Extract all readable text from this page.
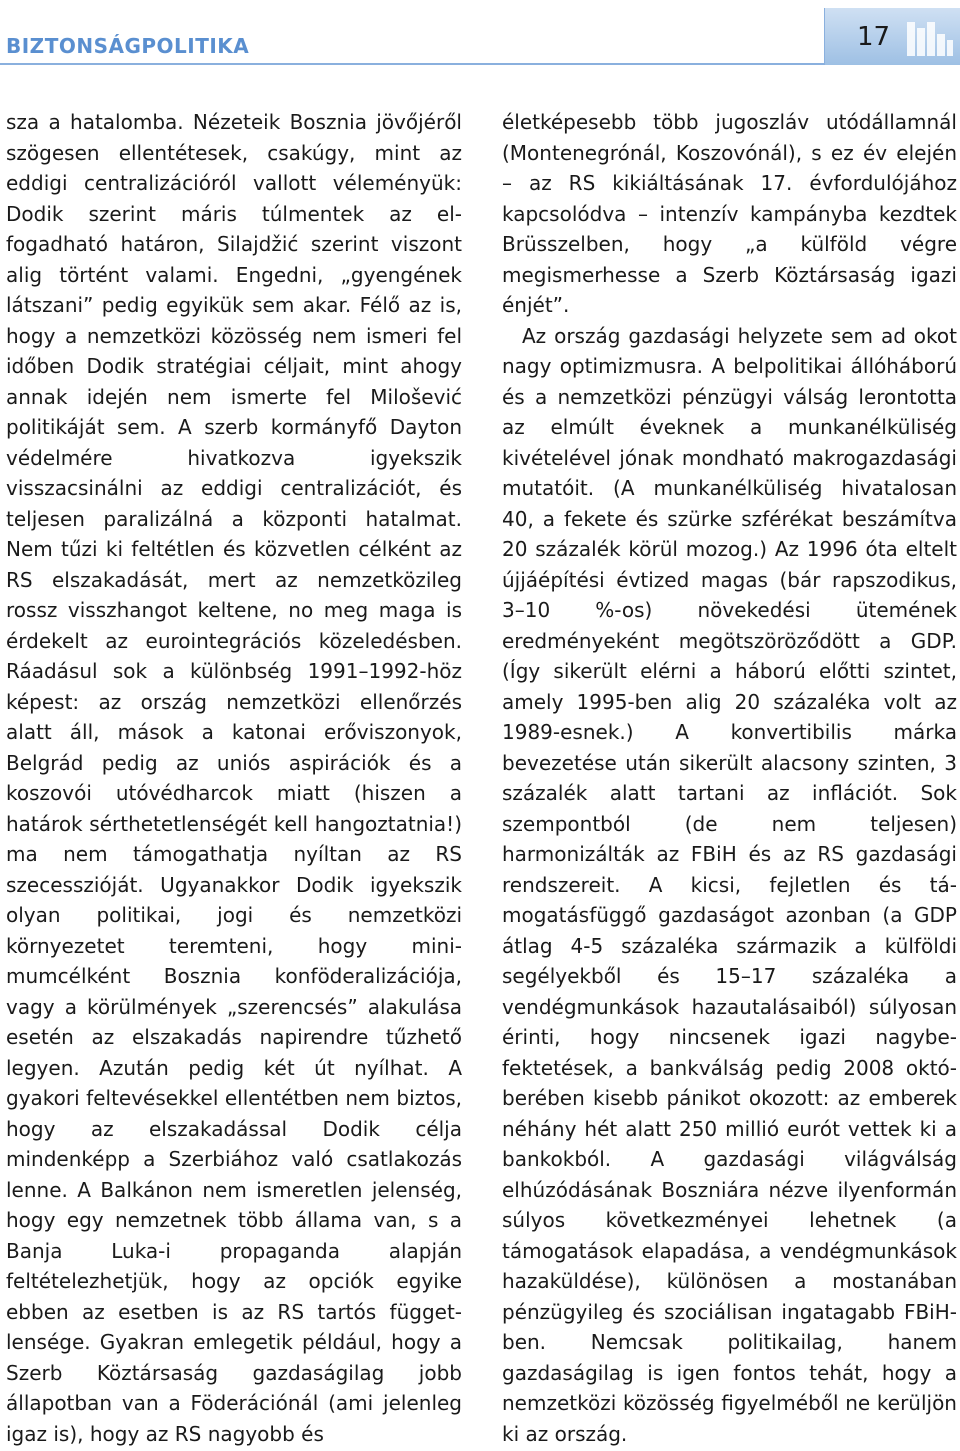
BIZTONSÁGPOLITIKA	17

sza a hatalomba. Nézeteik Bosznia jövőjéről szögesen ellentétesek, csakúgy, mint az eddigi centralizációról vallott véleményük: Dodik szerint máris túlmentek az elfogadható határon, Silajdžić szerint viszont alig történt valami. Engedni, „gyengének látszani” pedig egyikük sem akar. Félő az is, hogy a nemzetközi közösség nem ismeri fel időben Dodik stratégiai céljait, mint ahogy annak idején nem ismerte fel Milošević politikáját sem. A szerb kormányfő Dayton védelmére hivatkozva igyekszik visszacsinálni az eddigi centralizációt, és teljesen paralizálná a központi hatalmat. Nem tűzi ki feltétlen és közvetlen célként az RS elszakadását, mert az nemzetközileg rossz visszhangot keltene, no meg maga is érdekelt az eurointegrációs közeledésben. Ráadásul sok a különbség 1991–1992-höz képest: az ország nemzetközi ellenőrzés alatt áll, mások a katonai erőviszonyok, Belgrád pedig az uniós aspirációk és a koszovói utóvédharcok miatt (hiszen a határok sérthetetlenségét kell hangoztatnia!) ma nem támogathatja nyíltan az RS szecesszióját. Ugyanakkor Dodik igyekszik olyan politikai, jogi és nemzetközi környezetet teremteni, hogy minimumcélként Bosznia konföderalizációja, vagy a körülmények „szerencsés” alakulása esetén az elszakadás napirendre tűzhető legyen. Azután pedig két út nyílhat. A gyakori feltevésekkel ellentétben nem biztos, hogy az elszakadással Dodik célja mindenképp a Szerbiához való csatlakozás lenne. A Balkánon nem ismeretlen jelenség, hogy egy nemzetnek több államа van, s a Banja Luka-i propaganda alapján feltételezhetjük, hogy az opciók egyike ebben az esetben is az RS tartós függetlensége. Gyakran emlegetik például, hogy a Szerb Köztársaság gazdaságilag jobb állapotban van a Föderációnál (ami jelenleg igaz is), hogy az RS nagyobb és

életképesebb több jugoszláv utódállamnál (Montenegrónál, Koszovónál), s ez év elején – az RS kikiáltásának 17. évfordulójához kapcsolódva – intenzív kampányba kezdtek Brüsszelben, hogy „a külföld végre megismerhesse a Szerb Köztársaság igazi énjét”.

Az ország gazdasági helyzete sem ad okot nagy optimizmusra. A belpolitikai állóháború és a nemzetközi pénzügyi válság lerontotta az elmúlt éveknek a munkanélküliség kivételével jónak mondható makrogazdasági mutatóit. (A munkanélküliség hivatalosan 40, a fekete és szürke szférékat beszámítva 20 százalék körül mozog.) Az 1996 óta eltelt újjáépítési évtized magas (bár rapszodikus, 3–10 %-os) növekedési ütemének eredményeként megötszöröződött a GDP. (Így sikerült elérni a háború előtti szintet, amely 1995-ben alig 20 százaléka volt az 1989-esnek.) A konvertibilis márka bevezetése után sikerült alacsony szinten, 3 százalék alatt tartani az inflációt. Sok szempontból (de nem teljesen) harmonizálták az FBiH és az RS gazdasági rendszereit. A kicsi, fejletlen és támogatásfüggő gazdaságot azonban (a GDP átlag 4-5 százaléka származik a külföldi segélyekből és 15–17 százaléka a vendégmunkások hazautalásaiból) súlyosan érinti, hogy nincsenek igazi nagybefektetések, a bankválság pedig 2008 októberében kisebb pánikot okozott: az emberek néhány hét alatt 250 millió eurót vettek ki a bankokból. A gazdasági világválság elhúzódásának Boszniára nézve ilyenformán súlyos következményei lehetnek (a támogatások elapadása, a vendégmunkások hazaküldése), különösen a mostanában pénzügyileg és szociálisan ingatagabb FBiH-ben. Nemcsak politikailag, hanem gazdaságilag is igen fontos tehát, hogy a nemzetközi közösség figyelméből ne kerüljön ki az ország.
